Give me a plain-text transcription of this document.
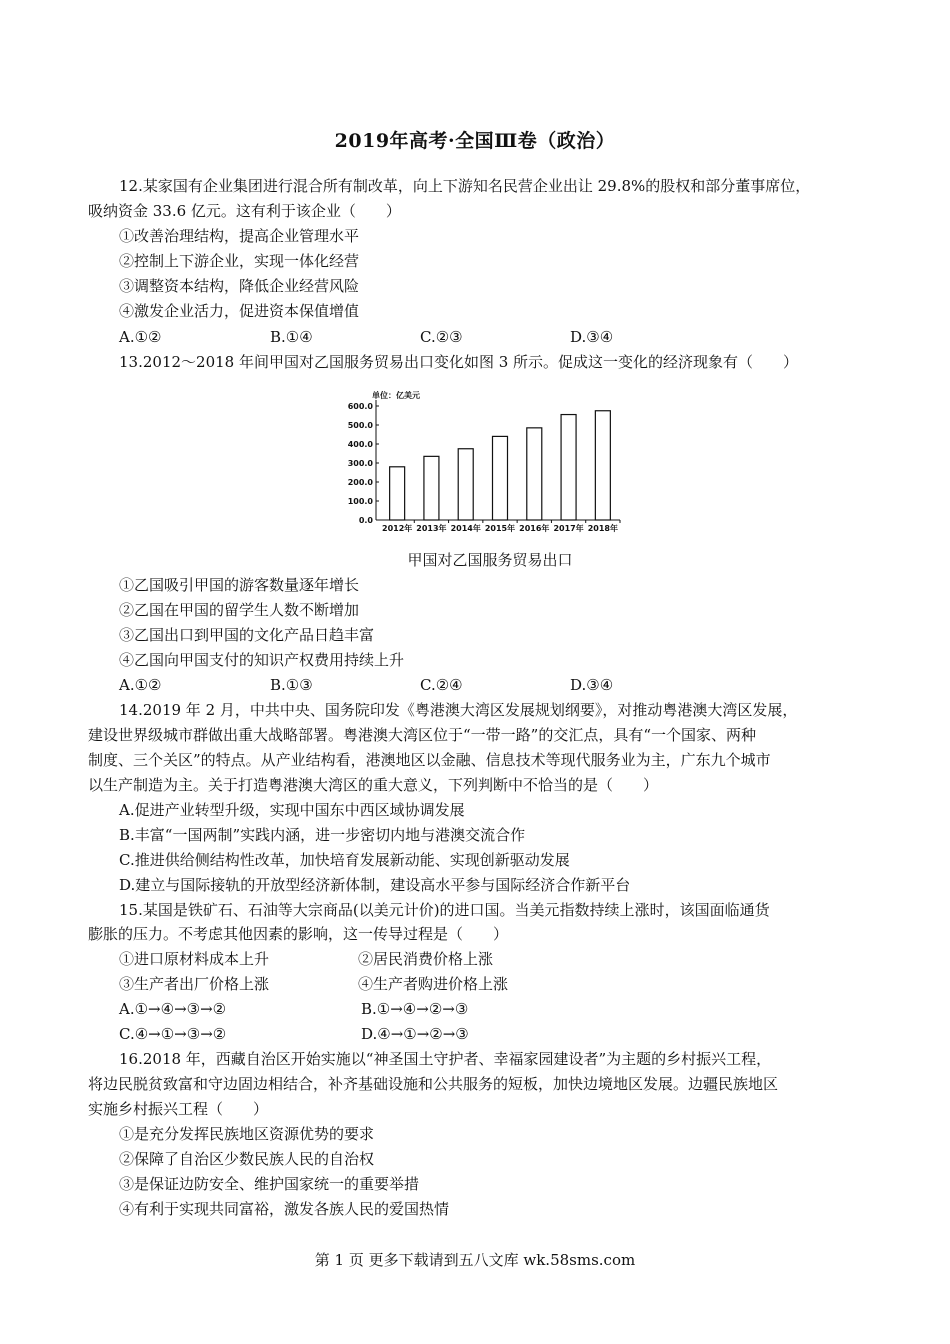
2019年高考·全国Ⅲ卷（政治）
12.某家国有企业集团进行混合所有制改革，向上下游知名民营企业出让 29.8%的股权和部分董事席位，
吸纳资金 33.6 亿元。这有利于该企业（　　）
①改善治理结构，提高企业管理水平
②控制上下游企业，实现一体化经营
③调整资本结构，降低企业经营风险
④激发企业活力，促进资本保值增值
A.①②	B.①④	C.②③	D.③④
13.2012～2018 年间甲国对乙国服务贸易出口变化如图 3 所示。促成这一变化的经济现象有（　　）
单位：亿美元
0.0
100.0
200.0
300.0
400.0
500.0
600.0
2012年 2013年 2014年 2015年 2016年 2017年 2018年
甲国对乙国服务贸易出口
①乙国吸引甲国的游客数量逐年增长
②乙国在甲国的留学生人数不断增加
③乙国出口到甲国的文化产品日趋丰富
④乙国向甲国支付的知识产权费用持续上升
A.①②	B.①③	C.②④	D.③④
14.2019 年 2 月，中共中央、国务院印发《粤港澳大湾区发展规划纲要》，对推动粤港澳大湾区发展，
建设世界级城市群做出重大战略部署。粤港澳大湾区位于“一带一路”的交汇点，具有“一个国家、两种
制度、三个关区”的特点。从产业结构看，港澳地区以金融、信息技术等现代服务业为主，广东九个城市
以生产制造为主。关于打造粤港澳大湾区的重大意义，下列判断中不恰当的是（　　）
A.促进产业转型升级，实现中国东中西区域协调发展
B.丰富“一国两制”实践内涵，进一步密切内地与港澳交流合作
C.推进供给侧结构性改革，加快培育发展新动能、实现创新驱动发展
D.建立与国际接轨的开放型经济新体制，建设高水平参与国际经济合作新平台
15.某国是铁矿石、石油等大宗商品(以美元计价)的进口国。当美元指数持续上涨时，该国面临通货
膨胀的压力。不考虑其他因素的影响，这一传导过程是（　　）
①进口原材料成本上升	②居民消费价格上涨
③生产者出厂价格上涨	④生产者购进价格上涨
A.①→④→③→②	B.①→④→②→③
C.④→①→③→②	D.④→①→②→③
16.2018 年，西藏自治区开始实施以“神圣国土守护者、幸福家园建设者”为主题的乡村振兴工程，
将边民脱贫致富和守边固边相结合，补齐基础设施和公共服务的短板，加快边境地区发展。边疆民族地区
实施乡村振兴工程（　　）
①是充分发挥民族地区资源优势的要求
②保障了自治区少数民族人民的自治权
③是保证边防安全、维护国家统一的重要举措
④有利于实现共同富裕，激发各族人民的爱国热情
第 1 页 更多下载请到五八文库 wk.58sms.com
